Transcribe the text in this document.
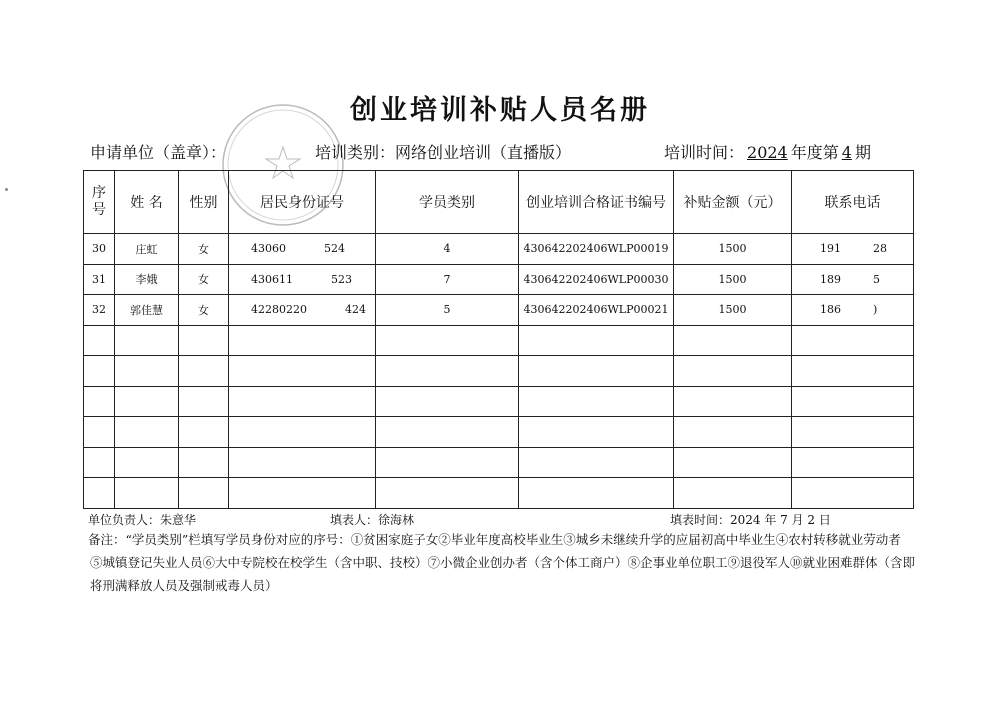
创业培训补贴人员名册
申请单位（盖章）：	培训类别：网络创业培训（直播版）	培训时间： 2024 年度第 4 期
序号	姓 名	性别	居民身份证号	学员类别	创业培训合格证书编号	补贴金额（元）	联系电话
30	庄虹	女	43060 524	4	430642202406WLP00019	1500	191 28
31	李娥	女	430611 523	7	430642202406WLP00030	1500	189 5
32	郭佳慧	女	42280220 424	5	430642202406WLP00021	1500	186 )

单位负责人：朱意华	填表人：徐海林	填表时间：2024 年 7 月 2 日
备注：“学员类别”栏填写学员身份对应的序号：①贫困家庭子女②毕业年度高校毕业生③城乡未继续升学的应届初高中毕业生④农村转移就业劳动者
⑤城镇登记失业人员⑥大中专院校在校学生（含中职、技校）⑦小微企业创办者（含个体工商户）⑧企事业单位职工⑨退役军人⑩就业困难群体（含即
将刑满释放人员及强制戒毒人员）
